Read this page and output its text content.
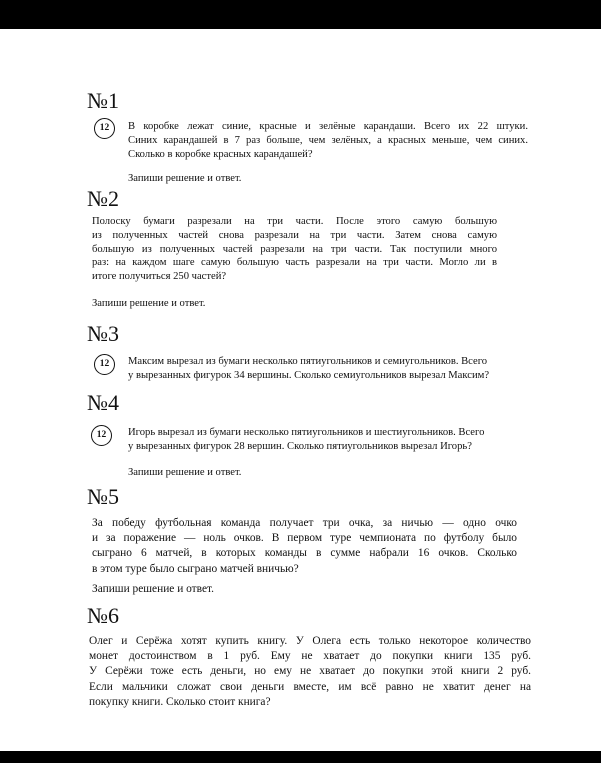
№1
12	В коробке лежат синие, красные и зелёные карандаши. Всего их 22 штуки.
Синих карандашей в 7 раз больше, чем зелёных, а красных меньше, чем синих.
Сколько в коробке красных карандашей?
Запиши решение и ответ.
№2
Полоску бумаги разрезали на три части. После этого самую большую
из полученных частей снова разрезали на три части. Затем снова самую
большую из полученных частей разрезали на три части. Так поступили много
раз: на каждом шаге самую большую часть разрезали на три части. Могло ли в
итоге получиться 250 частей?
Запиши решение и ответ.
№3
12	Максим вырезал из бумаги несколько пятиугольников и семиугольников. Всего
у вырезанных фигурок 34 вершины. Сколько семиугольников вырезал Максим?
№4
12	Игорь вырезал из бумаги несколько пятиугольников и шестиугольников. Всего
у вырезанных фигурок 28 вершин. Сколько пятиугольников вырезал Игорь?
Запиши решение и ответ.
№5
За победу футбольная команда получает три очка, за ничью — одно очко
и за поражение — ноль очков. В первом туре чемпионата по футболу было
сыграно 6 матчей, в которых команды в сумме набрали 16 очков. Сколько
в этом туре было сыграно матчей вничью?
Запиши решение и ответ.
№6
Олег и Серёжа хотят купить книгу. У Олега есть только некоторое количество
монет достоинством в 1 руб. Ему не хватает до покупки книги 135 руб.
У Серёжи тоже есть деньги, но ему не хватает до покупки этой книги 2 руб.
Если мальчики сложат свои деньги вместе, им всё равно не хватит денег на
покупку книги. Сколько стоит книга?
